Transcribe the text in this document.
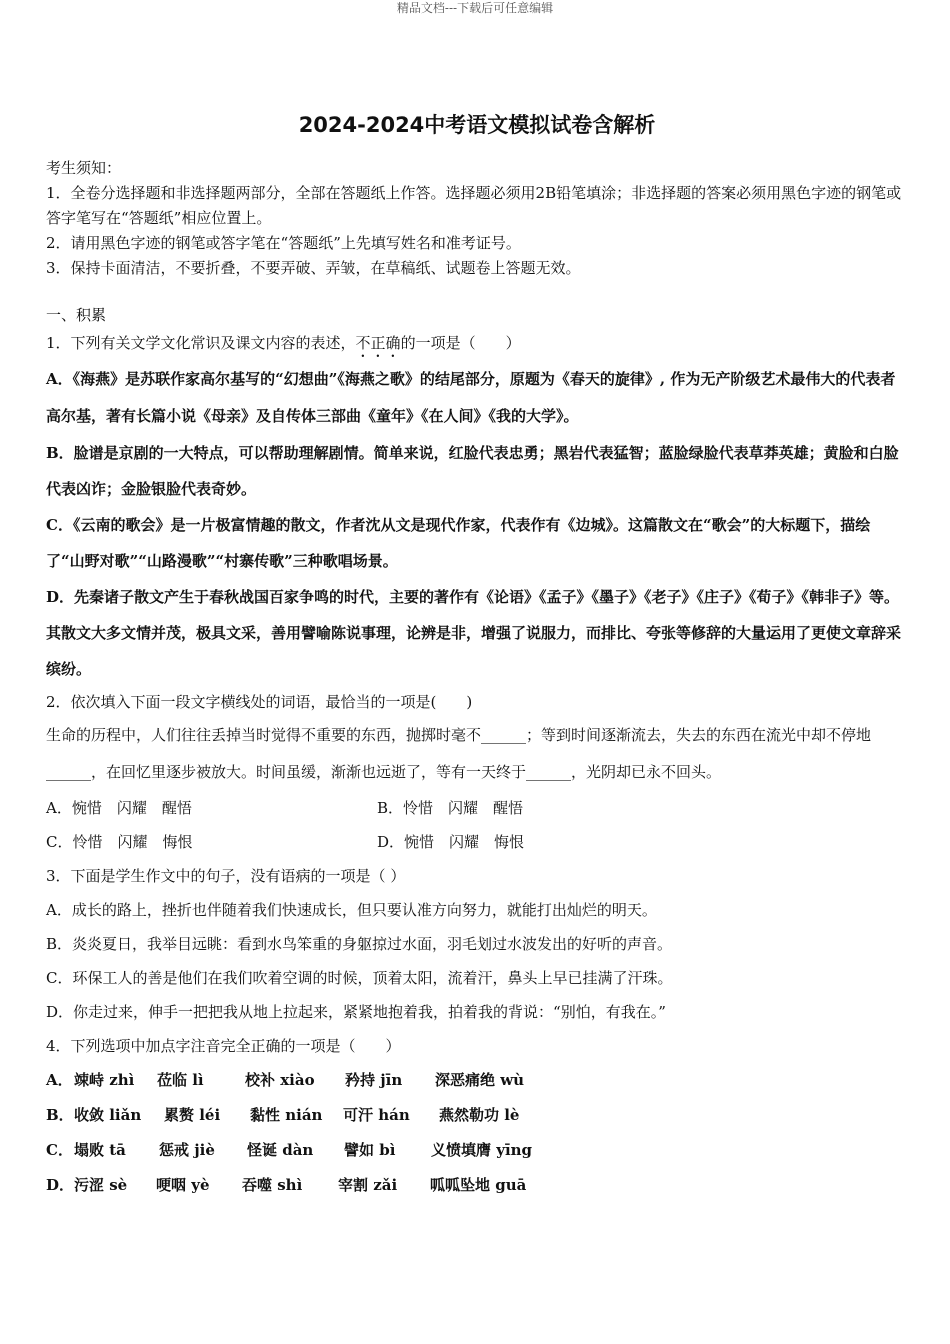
精品文档---下载后可任意编辑
2024-2024中考语文模拟试卷含解析

考生须知：

1．全卷分选择题和非选择题两部分，全部在答题纸上作答。选择题必须用2B铅笔填涂；非选择题的答案必须用黑色字迹的钢笔或答字笔写在“答题纸”相应位置上。

2．请用黑色字迹的钢笔或答字笔在“答题纸”上先填写姓名和准考证号。

3．保持卡面清洁，不要折叠，不要弄破、弄皱，在草稿纸、试题卷上答题无效。

一、积累

1．下列有关文学文化常识及课文内容的表述，不正确的一项是（　　）

A．《海燕》是苏联作家高尔基写的“幻想曲”《海燕之歌》的结尾部分，原题为《春天的旋律》, 作为无产阶级艺术最伟大的代表者高尔基，著有长篇小说《母亲》及自传体三部曲《童年》《在人间》《我的大学》。

B．脸谱是京剧的一大特点，可以帮助理解剧情。简单来说，红脸代表忠勇；黑岩代表猛智；蓝脸绿脸代表草莽英雄；黄脸和白脸代表凶诈；金脸银脸代表奇妙。

C．《云南的歌会》是一片极富情趣的散文，作者沈从文是现代作家，代表作有《边城》。这篇散文在“歌会”的大标题下，描绘了“山野对歌”“山路漫歌”“村寨传歌”三种歌唱场景。

D．先秦诸子散文产生于春秋战国百家争鸣的时代，主要的著作有《论语》《孟子》《墨子》《老子》《庄子》《荀子》《韩非子》等。其散文大多文情并茂，极具文采，善用譬喻陈说事理，论辨是非，增强了说服力，而排比、夸张等修辞的大量运用了更使文章辞采缤纷。

2．依次填入下面一段文字横线处的词语，最恰当的一项是(　　)

生命的历程中，人们往往丢掉当时觉得不重要的东西，抛掷时毫不______；等到时间逐渐流去，失去的东西在流光中却不停地______，在回忆里逐步被放大。时间虽缓，渐渐也远逝了，等有一天终于______，光阴却已永不回头。

A．惋惜　闪耀　醒悟	B．怜惜　闪耀　醒悟
C．怜惜　闪耀　悔恨	D．惋惜　闪耀　悔恨
3．下面是学生作文中的句子，没有语病的一项是（ ）
A．成长的路上，挫折也伴随着我们快速成长，但只要认准方向努力，就能打出灿烂的明天。
B．炎炎夏日，我举目远眺：看到水鸟笨重的身躯掠过水面，羽毛划过水波发出的好听的声音。
C．环保工人的善是他们在我们吹着空调的时候，顶着太阳，流着汗，鼻头上早已挂满了汗珠。
D．你走过来，伸手一把把我从地上拉起来，紧紧地抱着我，拍着我的背说：“别怕，有我在。”
4．下列选项中加点字注音完全正确的一项是（　　）
A．竦峙 zhì 莅临 lì	校补 xiào 矜持 jīn 深恶痛绝 wù
B．收敛 liǎn 累赘 léi 黏性 nián 可汗 hán 燕然勒功 lè
C．塌败 tā 惩戒 jiè 怪诞 dàn 譬如 bì 义愤填膺 yīng
D．污涩 sè 哽咽 yè 吞噬 shì 宰割 zǎi 呱呱坠地 guā
